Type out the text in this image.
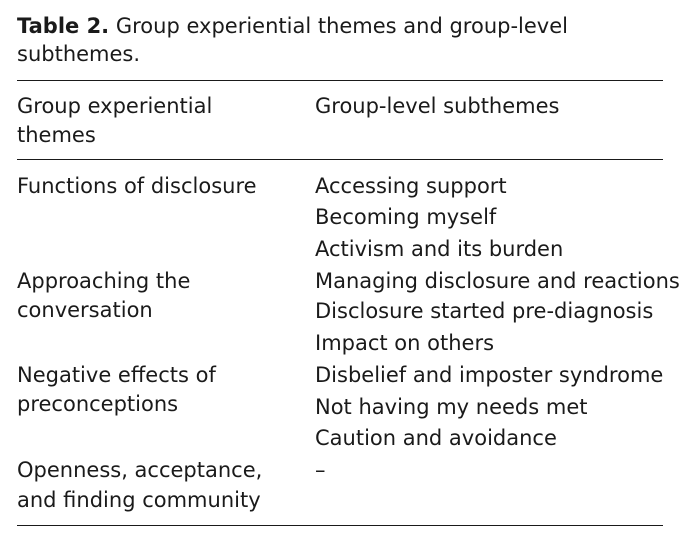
Table 2. Group experiential themes and group-level subthemes.
Group experiential
themes
Group-level subthemes
Functions of disclosure	Accessing support
Becoming myself
Activism and its burden
Approaching the
conversation
Managing disclosure and reactions
Disclosure started pre-diagnosis
Impact on others
Negative effects of
preconceptions
Disbelief and imposter syndrome
Not having my needs met
Caution and avoidance
Openness, acceptance,
and finding community
–
